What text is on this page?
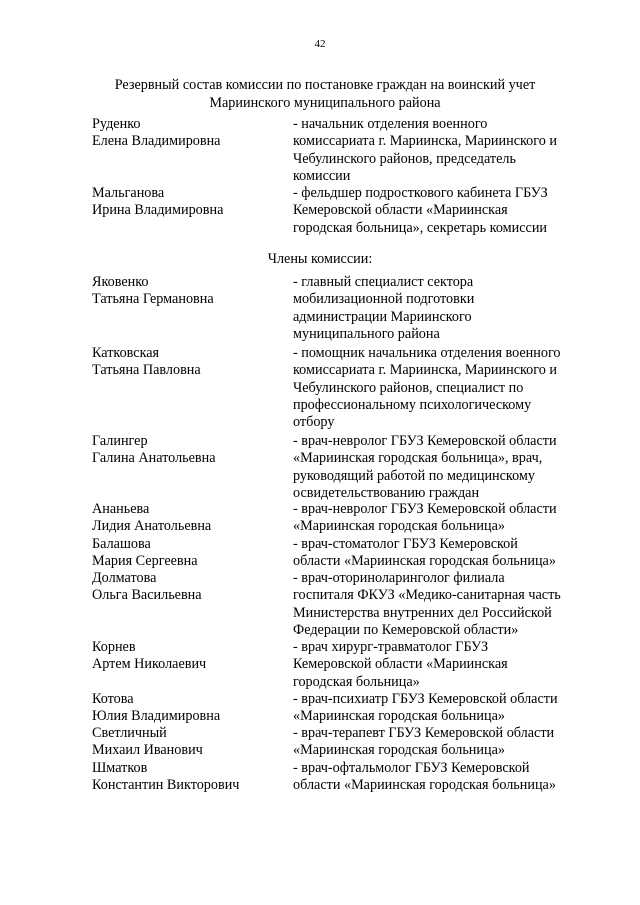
42
Резервный состав комиссии по постановке граждан на воинский учет
Мариинского муниципального района
Члены комиссии:
Руденко
Елена Владимировна
- начальник отделения военного
комиссариата г. Мариинска, Мариинского и
Чебулинского районов, председатель
комиссии
Мальганова
Ирина Владимировна
- фельдшер подросткового кабинета ГБУЗ
Кемеровской области «Мариинская
городская больница», секретарь комиссии
Яковенко
Татьяна Германовна
- главный специалист сектора
мобилизационной подготовки
администрации Мариинского
муниципального района
Катковская
Татьяна Павловна
- помощник начальника отделения военного
комиссариата г. Мариинска, Мариинского и
Чебулинского районов, специалист по
профессиональному психологическому
отбору
Галингер
Галина Анатольевна
- врач-невролог ГБУЗ Кемеровской области
«Мариинская городская больница», врач,
руководящий работой по медицинскому
освидетельствованию граждан
Ананьева
Лидия Анатольевна
- врач-невролог ГБУЗ Кемеровской области
«Мариинская городская больница»
Балашова
Мария Сергеевна
- врач-стоматолог ГБУЗ Кемеровской
области «Мариинская городская больница»
Долматова
Ольга Васильевна
- врач-оториноларинголог филиала
госпиталя ФКУЗ «Медико-санитарная часть
Министерства внутренних дел Российской
Федерации по Кемеровской области»
Корнев
Артем Николаевич
- врач хирург-травматолог ГБУЗ
Кемеровской области «Мариинская
городская больница»
Котова
Юлия Владимировна
- врач-психиатр ГБУЗ Кемеровской области
«Мариинская городская больница»
Светличный
Михаил Иванович
- врач-терапевт ГБУЗ Кемеровской области
«Мариинская городская больница»
Шматков
Константин Викторович
- врач-офтальмолог ГБУЗ Кемеровской
области «Мариинская городская больница»
